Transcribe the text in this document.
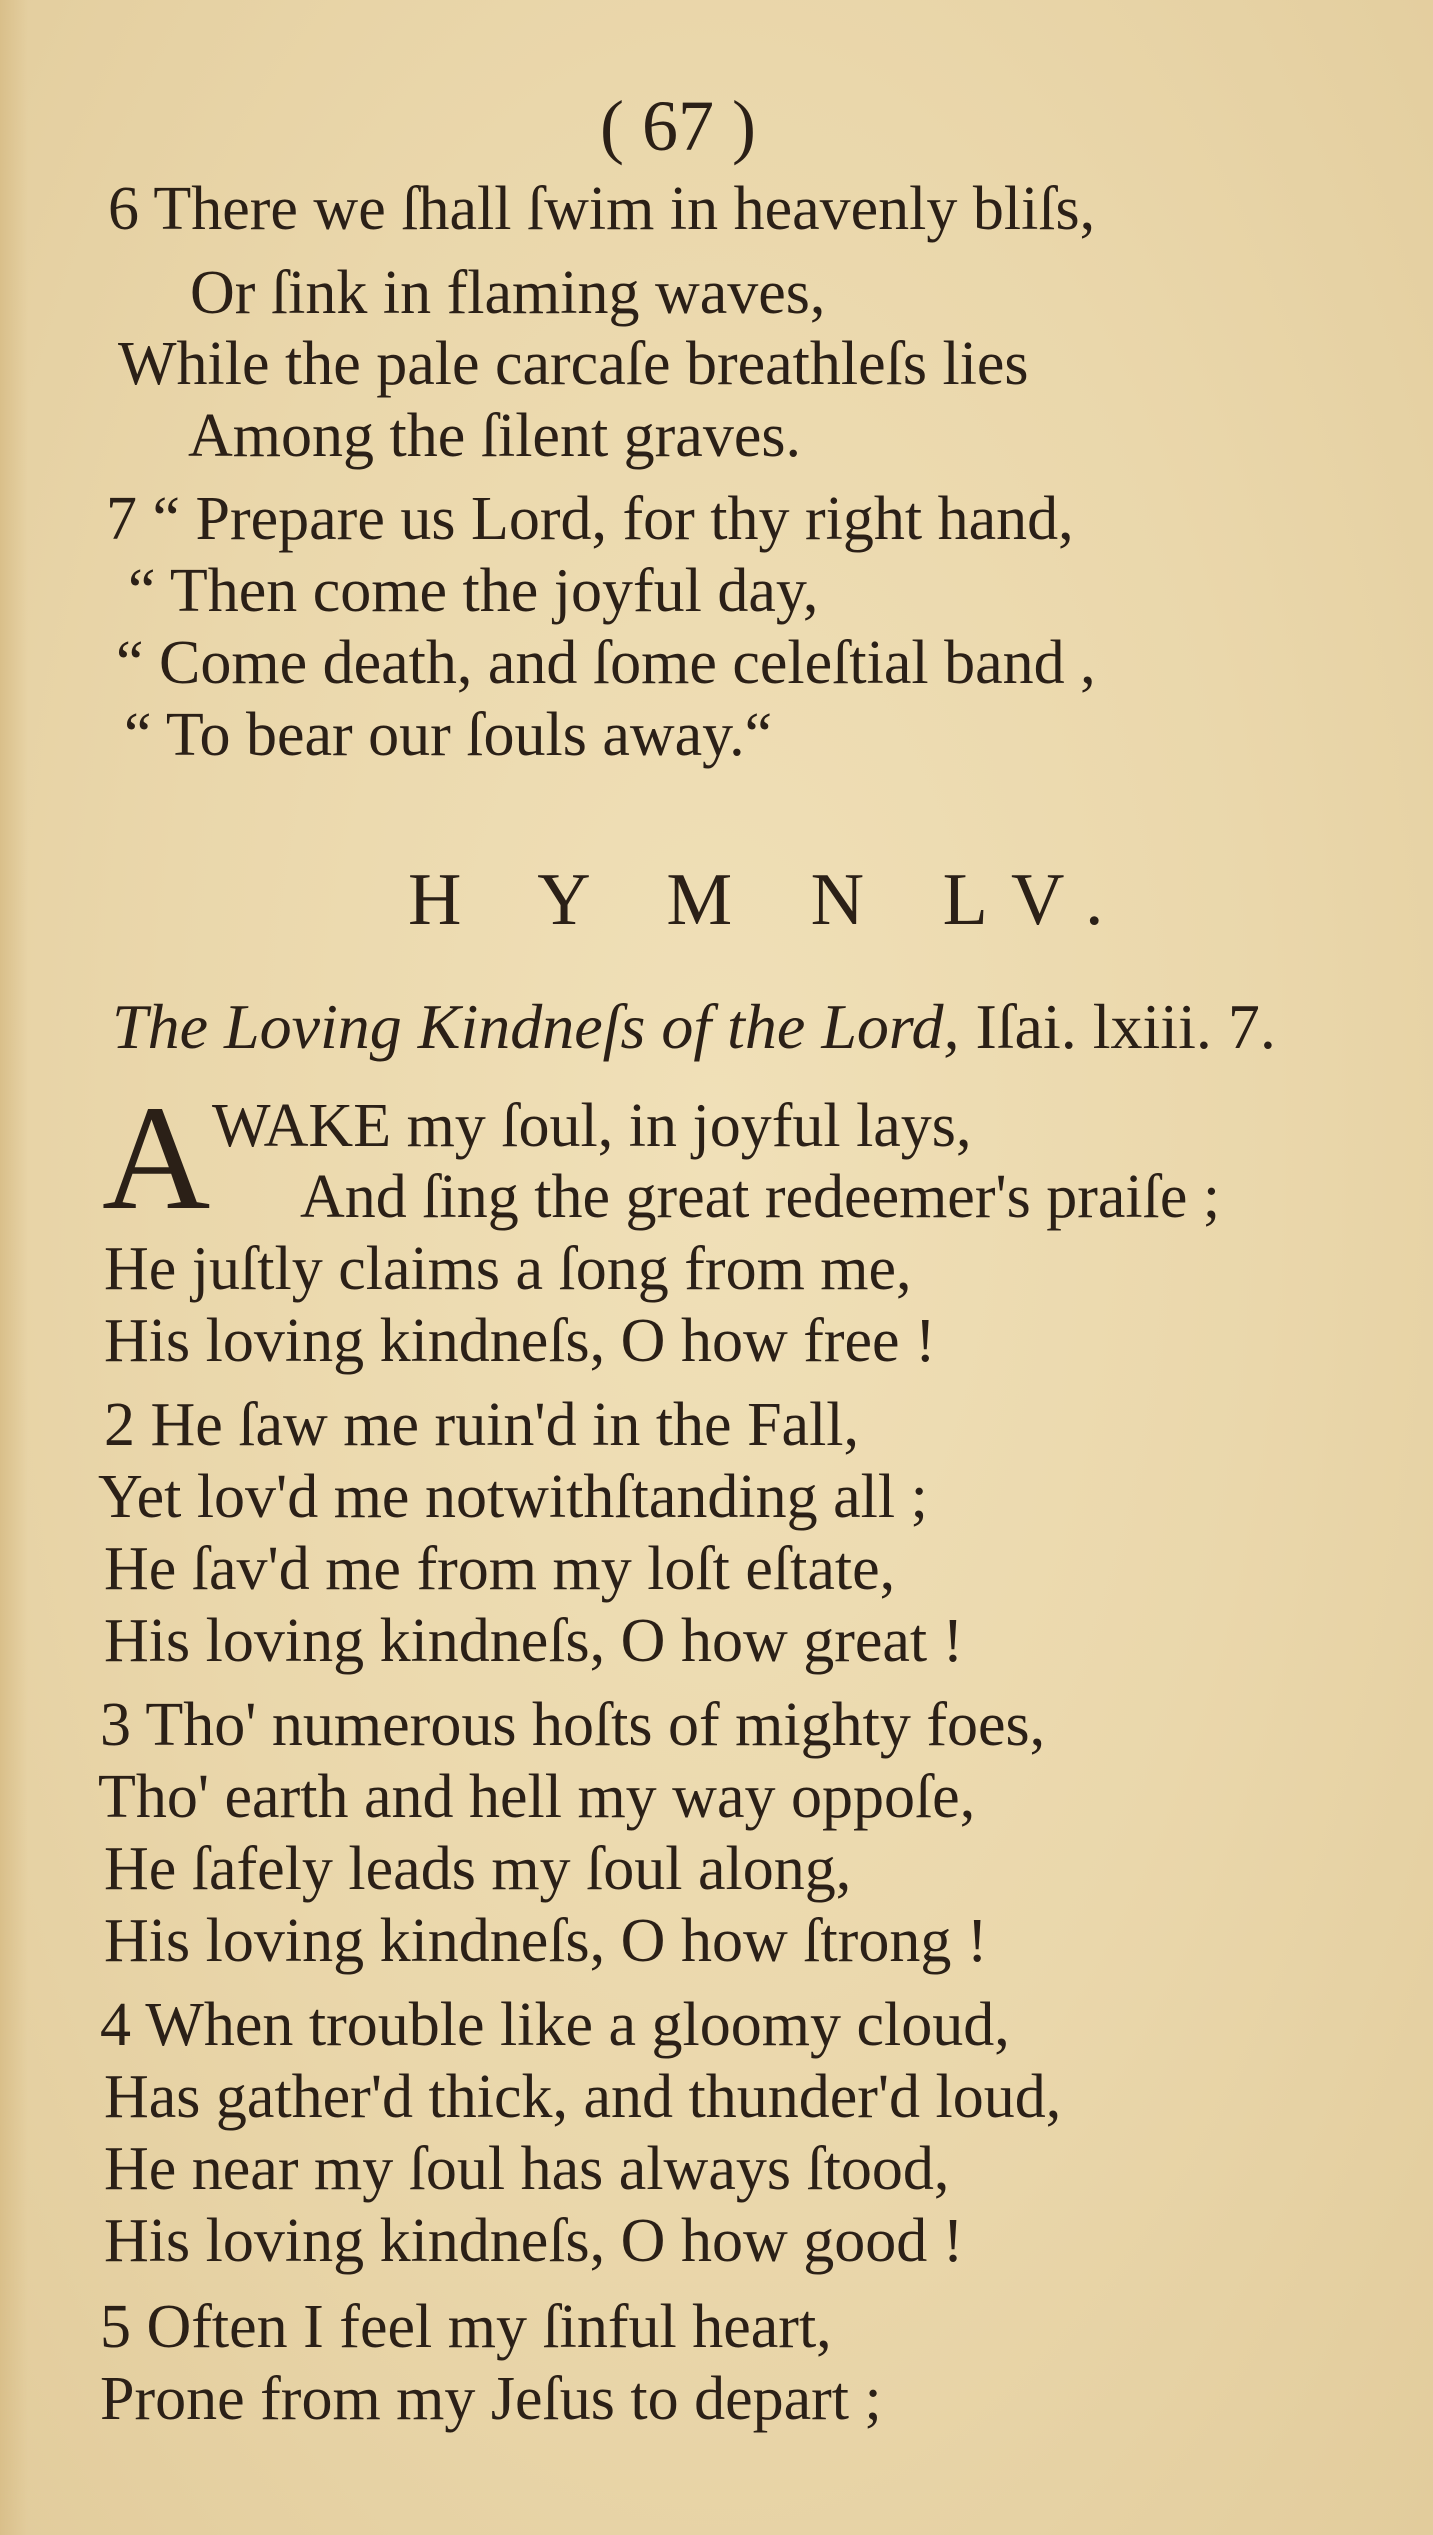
( 67 )
6 There we ſhall ſwim in heavenly bliſs,
Or ſink in flaming waves,
While the pale carcaſe breathleſs lies
Among the ſilent graves.
7 “ Prepare us Lord, for thy right hand,
“ Then come the joyful day,
“ Come death, and ſome celeſtial band ,
“ To bear our ſouls away.“
H Y M N LV.
The Loving Kindneſs of the Lord, Iſai. lxiii. 7.
A WAKE my ſoul, in joyful lays,
And ſing the great redeemer's praiſe ;
He juſtly claims a ſong from me,
His loving kindneſs, O how free !
2 He ſaw me ruin'd in the Fall,
Yet lov'd me notwithſtanding all ;
He ſav'd me from my loſt eſtate,
His loving kindneſs, O how great !
3 Tho' numerous hoſts of mighty foes,
Tho' earth and hell my way oppoſe,
He ſafely leads my ſoul along,
His loving kindneſs, O how ſtrong !
4 When trouble like a gloomy cloud,
Has gather'd thick, and thunder'd loud,
He near my ſoul has always ſtood,
His loving kindneſs, O how good !
5 Often I feel my ſinful heart,
Prone from my Jeſus to depart ;
